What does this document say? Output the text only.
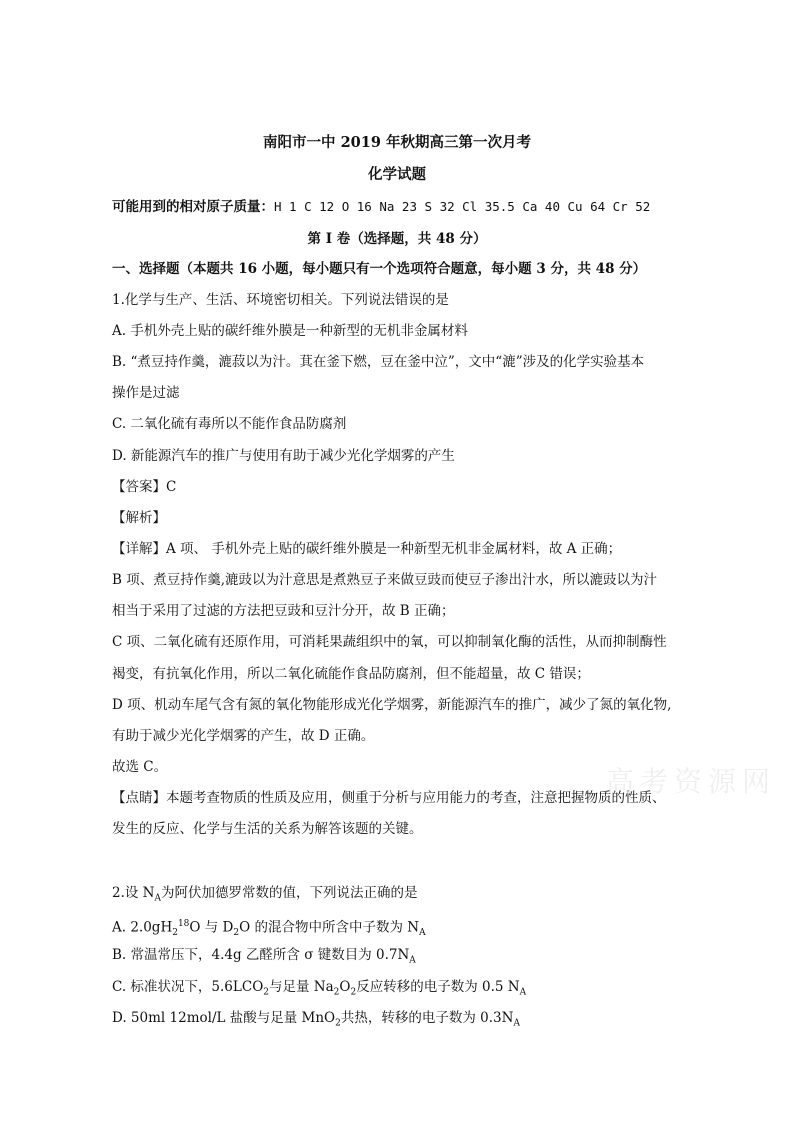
南阳市一中 2019 年秋期高三第一次月考
化学试题
可能用到的相对原子质量：H 1 C 12 O 16 Na 23 S 32 Cl 35.5 Ca 40 Cu 64 Cr 52
第 I 卷（选择题，共 48 分）
一、选择题（本题共 16 小题，每小题只有一个选项符合题意，每小题 3 分，共 48 分）
1.化学与生产、生活、环境密切相关。下列说法错误的是
A. 手机外壳上贴的碳纤维外膜是一种新型的无机非金属材料
B. “煮豆持作羹，漉菽以为汁。萁在釜下燃，豆在釜中泣”，文中“漉”涉及的化学实验基本
操作是过滤
C. 二氧化硫有毒所以不能作食品防腐剂
D. 新能源汽车的推广与使用有助于减少光化学烟雾的产生
【答案】C
【解析】
【详解】A 项、 手机外壳上贴的碳纤维外膜是一种新型无机非金属材料，故 A 正确；
B 项、煮豆持作羹,漉豉以为汁意思是煮熟豆子来做豆豉而使豆子渗出汁水，所以漉豉以为汁
相当于采用了过滤的方法把豆豉和豆汁分开，故 B 正确；
C 项、二氧化硫有还原作用，可消耗果蔬组织中的氧，可以抑制氧化酶的活性，从而抑制酶性
褐变，有抗氧化作用，所以二氧化硫能作食品防腐剂，但不能超量，故 C 错误；
D 项、机动车尾气含有氮的氧化物能形成光化学烟雾，新能源汽车的推广，减少了氮的氧化物,
有助于减少光化学烟雾的产生，故 D 正确。
故选 C。
【点睛】本题考查物质的性质及应用，侧重于分析与应用能力的考查，注意把握物质的性质、
发生的反应、化学与生活的关系为解答该题的关键。
高考资源网
2.设 $N_A$为阿伏加德罗常数的值，下列说法正确的是
A. $2.0gH_2^{18}O$ 与 $D_2O$ 的混合物中所含中子数为 $N_A$
B. 常温常压下，4.4g 乙醛所含 σ 键数目为 $0.7N_A$
C. 标准状况下，$5.6LCO_2$与足量 $Na_2O_2$反应转移的电子数为 0.5 $N_A$
D. 50ml 12mol/L 盐酸与足量 MnO$_2$共热，转移的电子数为 $0.3N_A$
